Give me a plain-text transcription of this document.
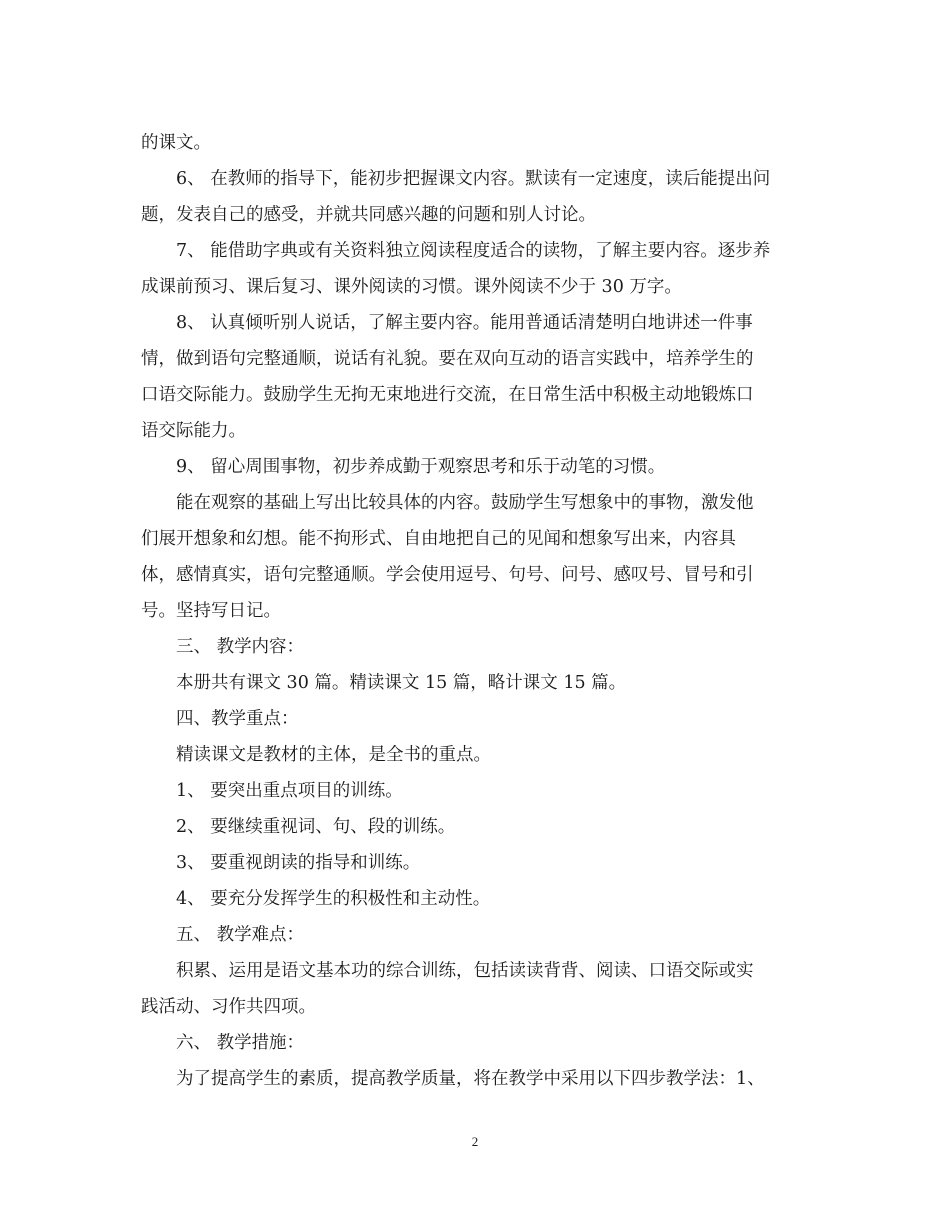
的课文。
6、 在教师的指导下，能初步把握课文内容。默读有一定速度，读后能提出问
题，发表自己的感受，并就共同感兴趣的问题和别人讨论。
7、 能借助字典或有关资料独立阅读程度适合的读物，了解主要内容。逐步养
成课前预习、课后复习、课外阅读的习惯。课外阅读不少于 30 万字。
8、 认真倾听别人说话，了解主要内容。能用普通话清楚明白地讲述一件事
情，做到语句完整通顺，说话有礼貌。要在双向互动的语言实践中，培养学生的
口语交际能力。鼓励学生无拘无束地进行交流，在日常生活中积极主动地锻炼口
语交际能力。
9、 留心周围事物，初步养成勤于观察思考和乐于动笔的习惯。
能在观察的基础上写出比较具体的内容。鼓励学生写想象中的事物，激发他
们展开想象和幻想。能不拘形式、自由地把自己的见闻和想象写出来，内容具
体，感情真实，语句完整通顺。学会使用逗号、句号、问号、感叹号、冒号和引
号。坚持写日记。
三、 教学内容：
本册共有课文 30 篇。精读课文 15 篇，略计课文 15 篇。
四、教学重点：
精读课文是教材的主体，是全书的重点。
1、 要突出重点项目的训练。
2、 要继续重视词、句、段的训练。
3、 要重视朗读的指导和训练。
4、 要充分发挥学生的积极性和主动性。
五、 教学难点：
积累、运用是语文基本功的综合训练，包括读读背背、阅读、口语交际或实
践活动、习作共四项。
六、 教学措施：
为了提高学生的素质，提高教学质量，将在教学中采用以下四步教学法：1、
2
